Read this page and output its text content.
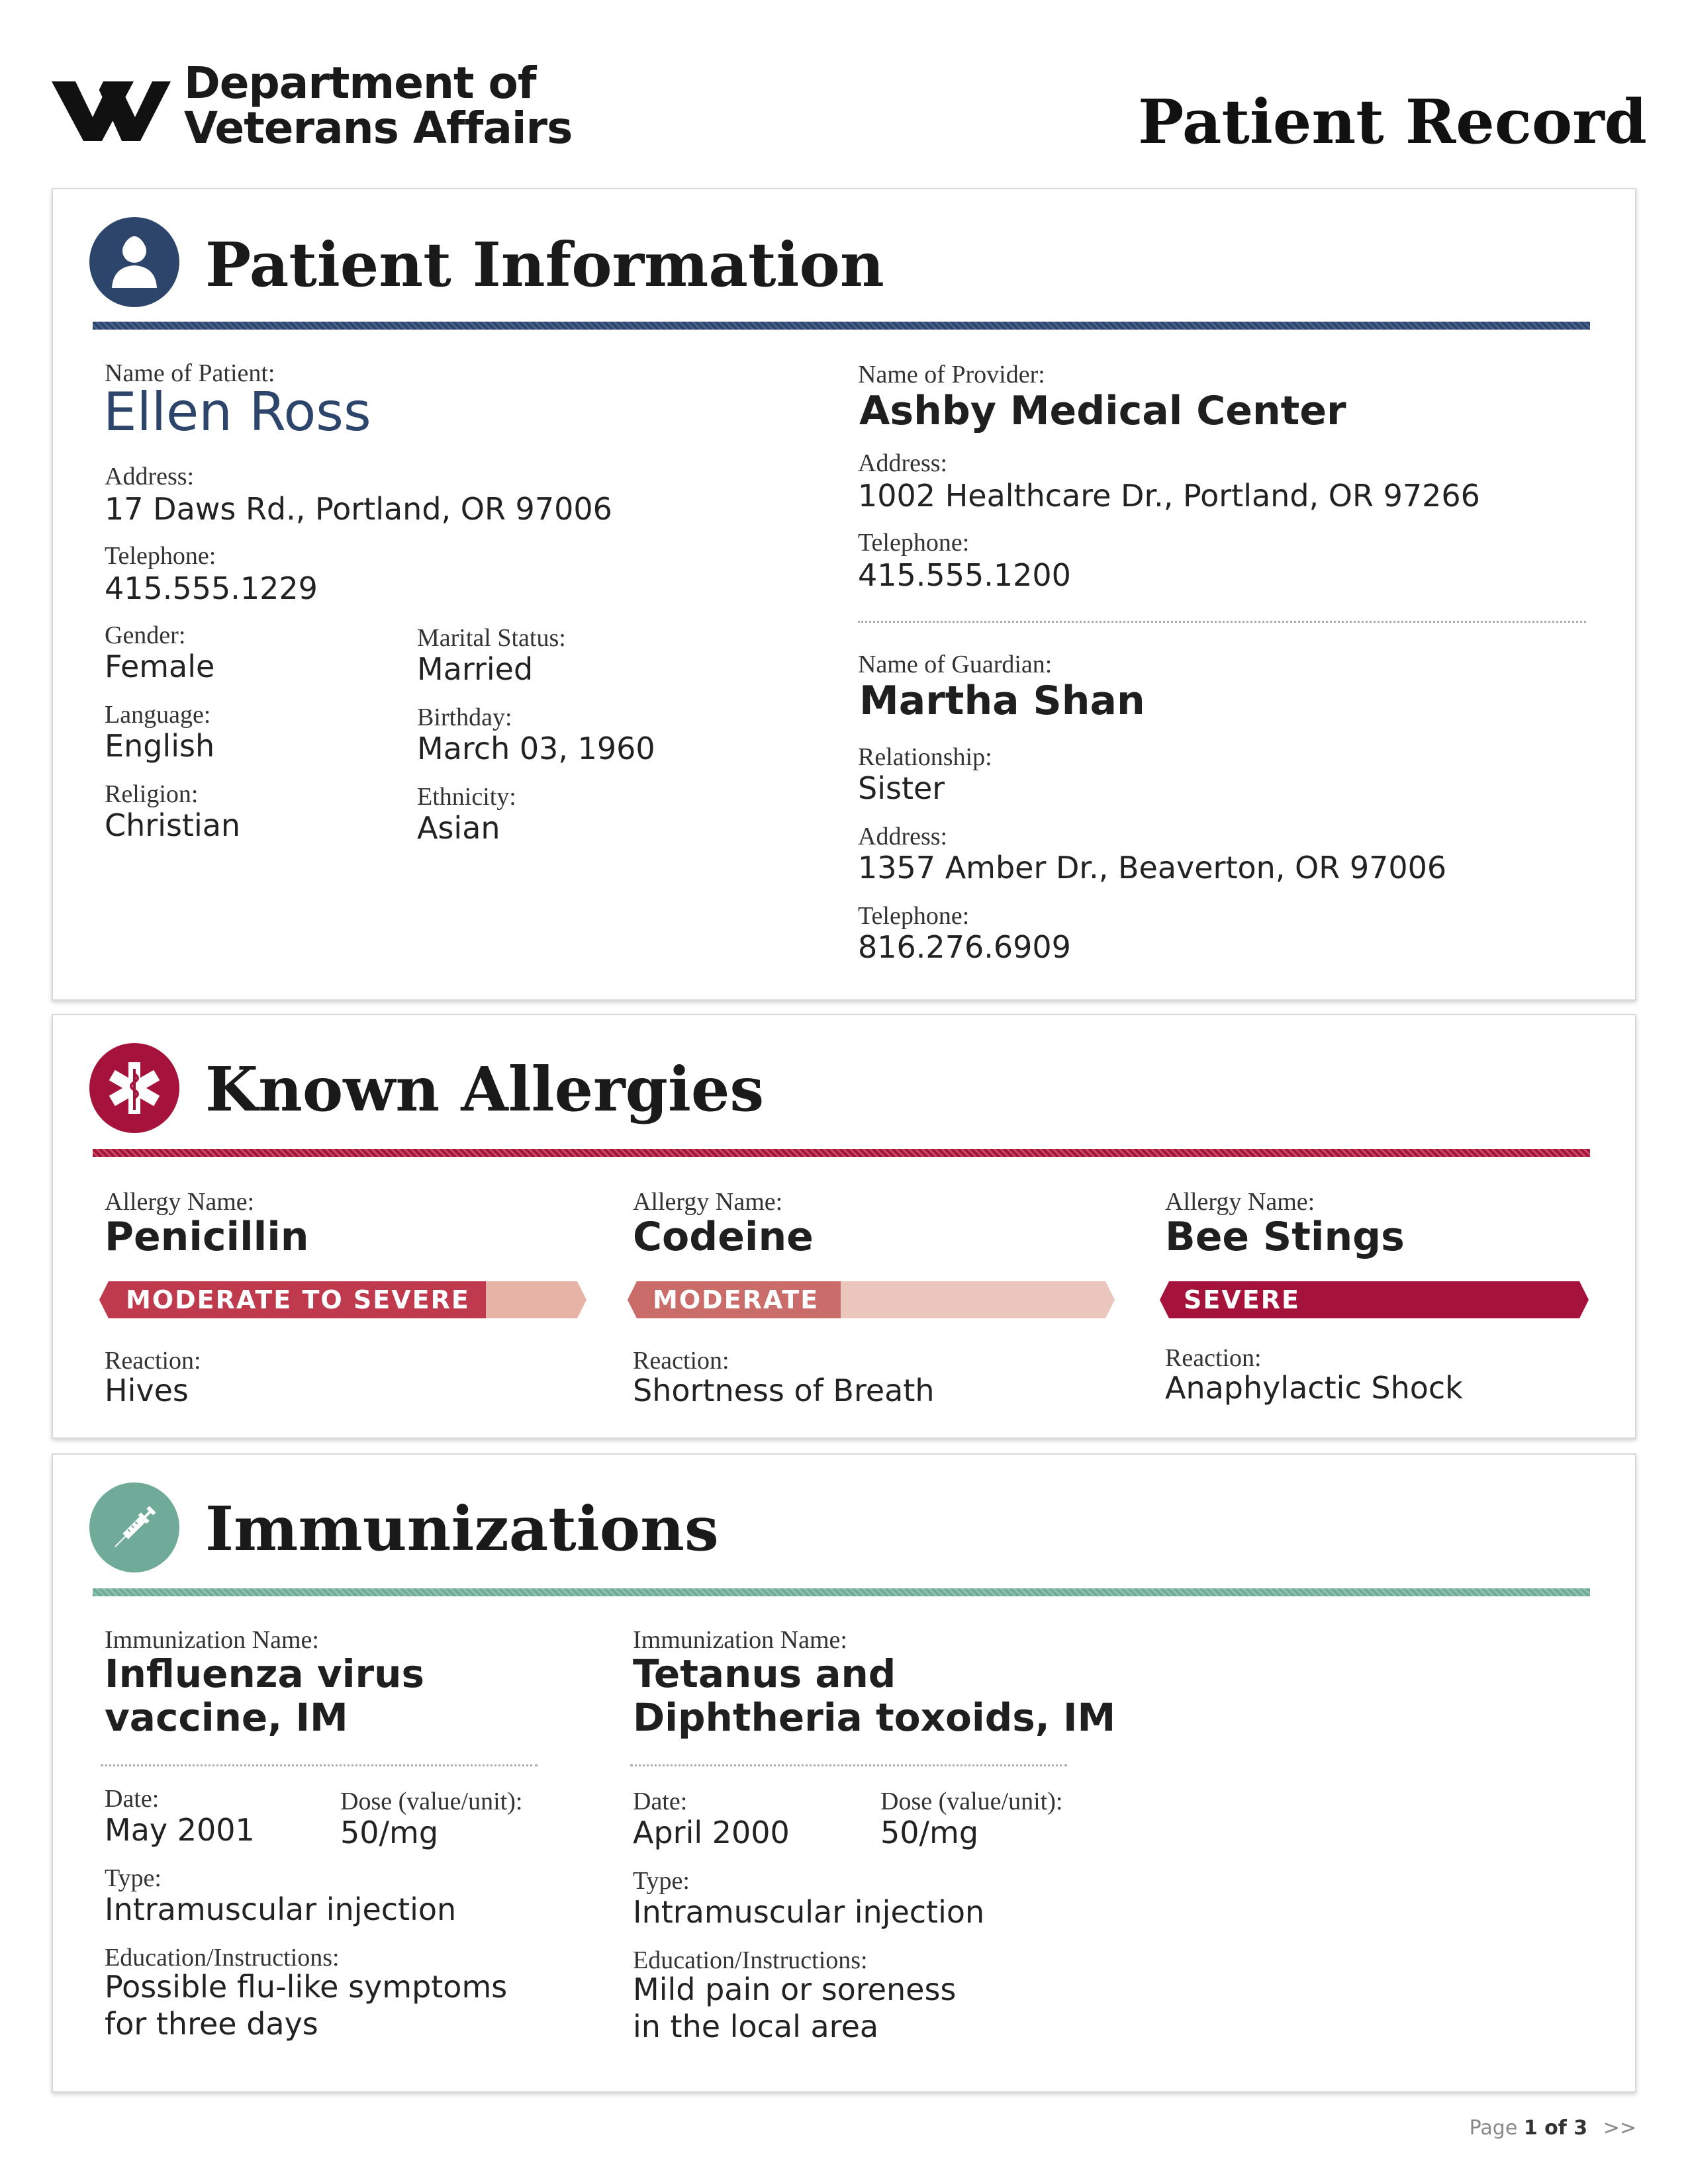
Department of
Veterans Affairs	Patient Record
Patient Information
Name of Patient:
Ellen Ross
Address:
17 Daws Rd., Portland, OR 97006
Telephone:
415.555.1229
Gender:
Female
Marital Status:
Married
Language:
English
Birthday:
March 03, 1960
Religion:
Christian
Ethnicity:
Asian
Name of Provider:
Ashby Medical Center
Address:
1002 Healthcare Dr., Portland, OR 97266
Telephone:
415.555.1200
Name of Guardian:
Martha Shan
Relationship:
Sister
Address:
1357 Amber Dr., Beaverton, OR 97006
Telephone:
816.276.6909
Known Allergies
Allergy Name:
Penicillin
MODERATE TO SEVERE
Reaction:
Hives
Allergy Name:
Codeine
MODERATE
Reaction:
Shortness of Breath
Allergy Name:
Bee Stings
SEVERE
Reaction:
Anaphylactic Shock
Immunizations
Immunization Name:
Influenza virus
vaccine, IM
Date:
May 2001
Dose (value/unit):
50/mg
Type:
Intramuscular injection
Education/Instructions:
Possible flu-like symptoms
for three days
Immunization Name:
Tetanus and
Diphtheria toxoids, IM
Date:
April 2000
Dose (value/unit):
50/mg
Type:
Intramuscular injection
Education/Instructions:
Mild pain or soreness
in the local area
Page 1 of 3 >>
